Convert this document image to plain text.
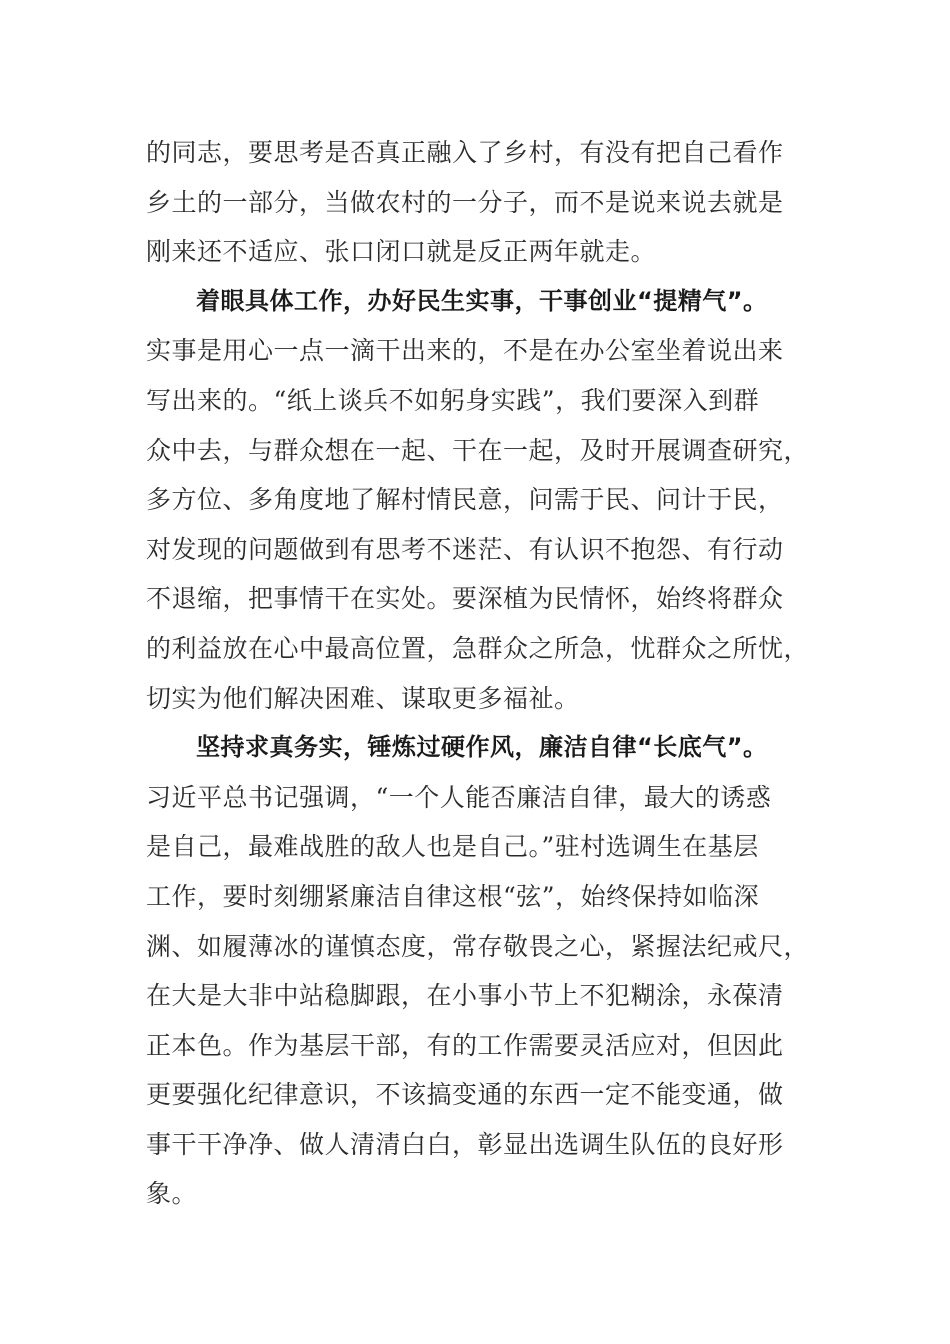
的同志，要思考是否真正融入了乡村，有没有把自己看作
乡土的一部分，当做农村的一分子，而不是说来说去就是
刚来还不适应、张口闭口就是反正两年就走。
着眼具体工作，办好民生实事，干事创业“提精气”。
实事是用心一点一滴干出来的，不是在办公室坐着说出来
写出来的。“纸上谈兵不如躬身实践”，我们要深入到群
众中去，与群众想在一起、干在一起，及时开展调查研究，
多方位、多角度地了解村情民意，问需于民、问计于民，
对发现的问题做到有思考不迷茫、有认识不抱怨、有行动
不退缩，把事情干在实处。要深植为民情怀，始终将群众
的利益放在心中最高位置，急群众之所急，忧群众之所忧，
切实为他们解决困难、谋取更多福祉。
坚持求真务实，锤炼过硬作风，廉洁自律“长底气”。
习近平总书记强调，“一个人能否廉洁自律，最大的诱惑
是自己，最难战胜的敌人也是自己。”驻村选调生在基层
工作，要时刻绷紧廉洁自律这根“弦”，始终保持如临深
渊、如履薄冰的谨慎态度，常存敬畏之心，紧握法纪戒尺，
在大是大非中站稳脚跟，在小事小节上不犯糊涂，永葆清
正本色。作为基层干部，有的工作需要灵活应对，但因此
更要强化纪律意识，不该搞变通的东西一定不能变通，做
事干干净净、做人清清白白，彰显出选调生队伍的良好形
象。
